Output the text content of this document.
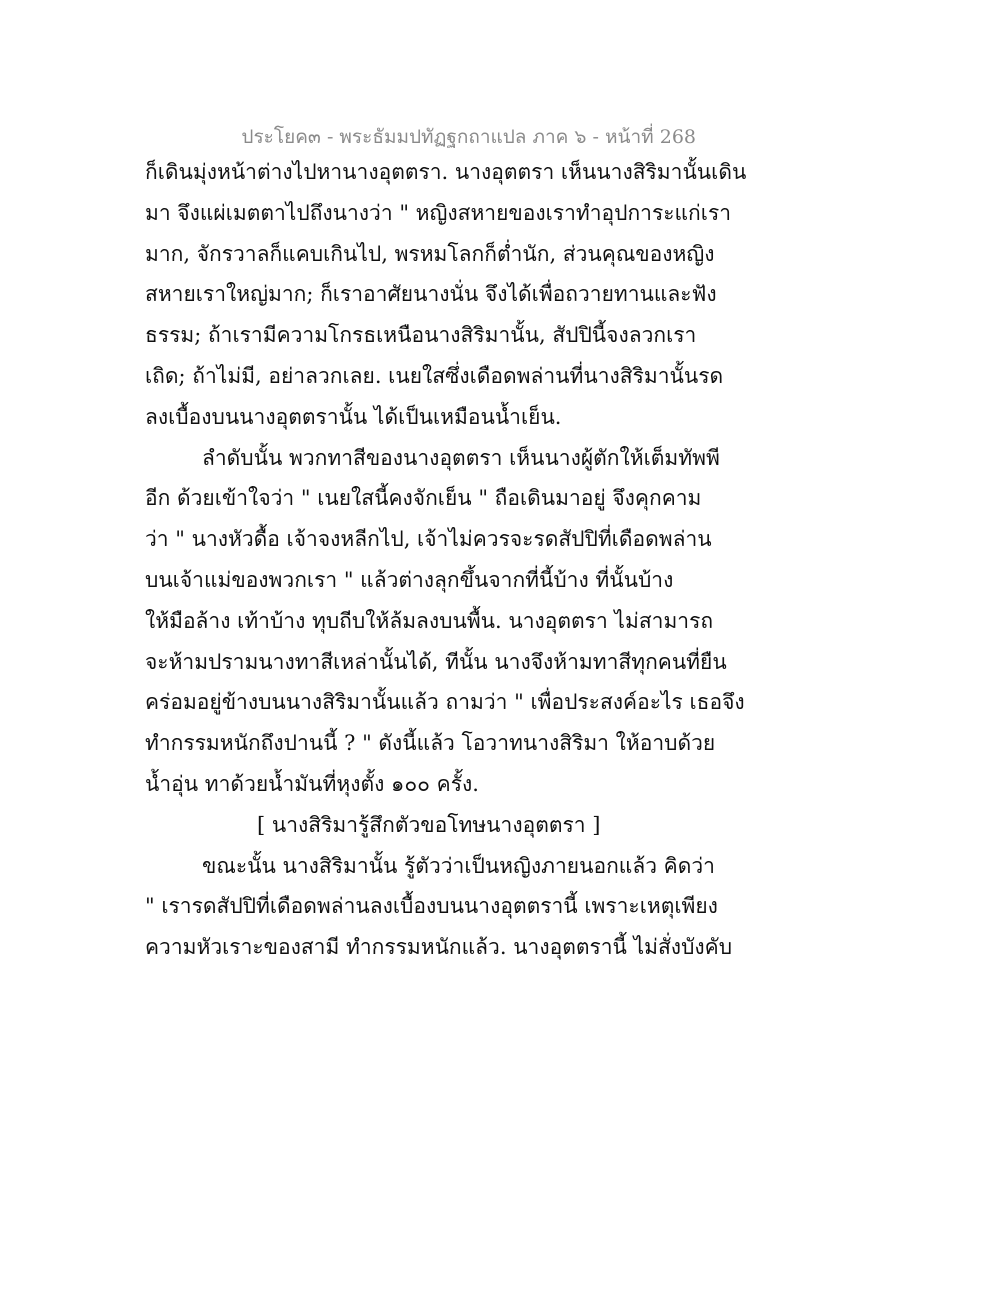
ประโยค๓ - พระธัมมปทัฏฐกถาแปล ภาค ๖ - หน้าที่ 268
ก็เดินมุ่งหน้าต่างไปหานางอุตตรา. นางอุตตรา เห็นนางสิริมานั้นเดิน
มา จึงแผ่เมตตาไปถึงนางว่า " หญิงสหายของเราทำอุปการะแก่เรา
มาก, จักรวาลก็แคบเกินไป, พรหมโลกก็ต่ำนัก, ส่วนคุณของหญิง
สหายเราใหญ่มาก; ก็เราอาศัยนางนั่น จึงได้เพื่อถวายทานและฟัง
ธรรม; ถ้าเรามีความโกรธเหนือนางสิริมานั้น, สัปปินี้จงลวกเรา
เถิด; ถ้าไม่มี, อย่าลวกเลย. เนยใสซึ่งเดือดพล่านที่นางสิริมานั้นรด
ลงเบื้องบนนางอุตตรานั้น ได้เป็นเหมือนน้ำเย็น.
ลำดับนั้น พวกทาสีของนางอุตตรา เห็นนางผู้ตักให้เต็มทัพพี
อีก ด้วยเข้าใจว่า " เนยใสนี้คงจักเย็น " ถือเดินมาอยู่ จึงคุกคาม
ว่า " นางหัวดื้อ เจ้าจงหลีกไป, เจ้าไม่ควรจะรดสัปปิที่เดือดพล่าน
บนเจ้าแม่ของพวกเรา " แล้วต่างลุกขึ้นจากที่นี้บ้าง ที่นั้นบ้าง
ให้มือล้าง เท้าบ้าง ทุบถีบให้ล้มลงบนพื้น. นางอุตตรา ไม่สามารถ
จะห้ามปรามนางทาสีเหล่านั้นได้, ทีนั้น นางจึงห้ามทาสีทุกคนที่ยืน
คร่อมอยู่ข้างบนนางสิริมานั้นแล้ว ถามว่า " เพื่อประสงค์อะไร เธอจึง
ทำกรรมหนักถึงปานนี้ ? " ดังนี้แล้ว โอวาทนางสิริมา ให้อาบด้วย
น้ำอุ่น ทาด้วยน้ำมันที่หุงตั้ง ๑๐๐ ครั้ง.
[ นางสิริมารู้สึกตัวขอโทษนางอุตตรา ]
ขณะนั้น นางสิริมานั้น รู้ตัวว่าเป็นหญิงภายนอกแล้ว คิดว่า
" เรารดสัปปิที่เดือดพล่านลงเบื้องบนนางอุตตรานี้ เพราะเหตุเพียง
ความหัวเราะของสามี ทำกรรมหนักแล้ว. นางอุตตรานี้ ไม่สั่งบังคับ
